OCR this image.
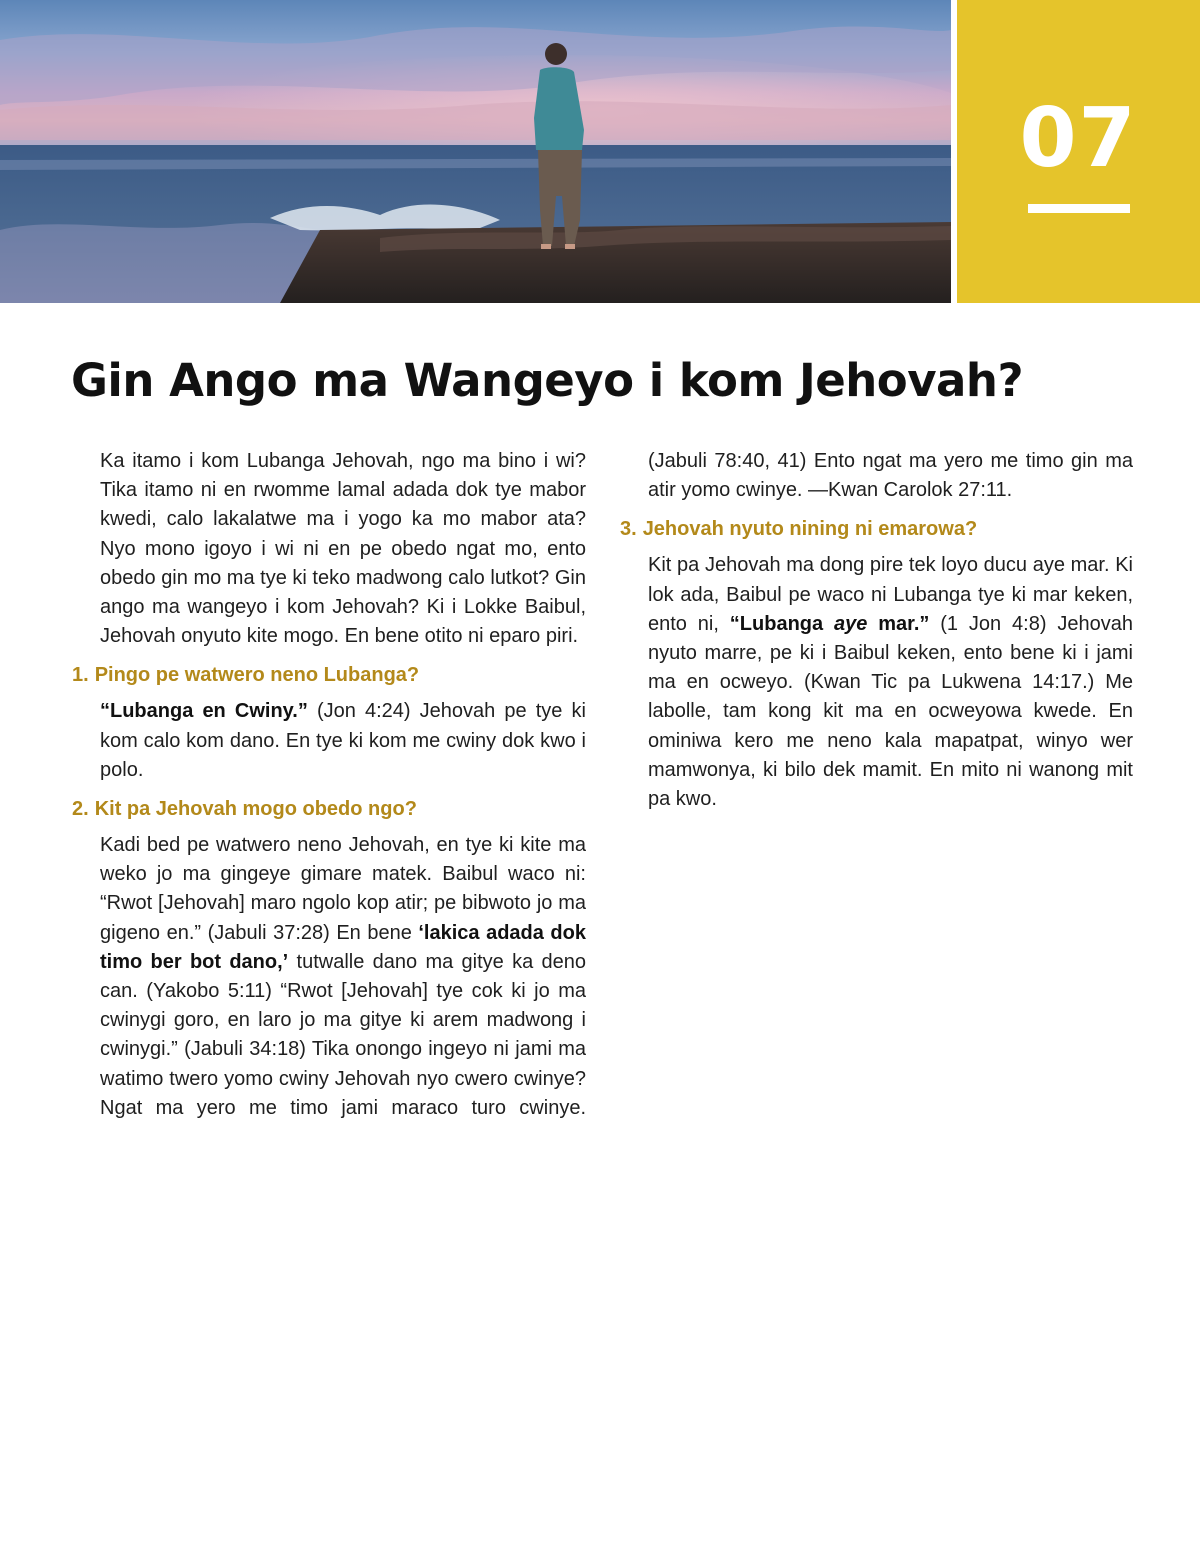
07
Gin Ango ma Wangeyo i kom Jehovah?

Ka itamo i kom Lubanga Jehovah, ngo ma bino i wi? Tika itamo ni en rwomme lamal adada dok tye mabor kwedi, calo lakalatwe ma i yogo ka mo mabor ata? Nyo mono igoyo i wi ni en pe obedo ngat mo, ento obedo gin mo ma tye ki teko madwong calo lutkot? Gin ango ma wangeyo i kom Jehovah? Ki i Lokke Baibul, Jehovah onyuto kite mogo. En bene otito ni eparo piri.

1. Pingo pe watwero neno Lubanga?

“Lubanga en Cwiny.” (Jon 4:24) Jehovah pe tye ki kom calo kom dano. En tye ki kom me cwiny dok kwo i polo.

2. Kit pa Jehovah mogo obedo ngo?

Kadi bed pe watwero neno Jehovah, en tye ki kite ma weko jo ma gingeye gimare matek. Baibul waco ni: “Rwot [Jehovah] maro ngolo kop atir; pe bibwoto jo ma gigeno en.” (Jabuli 37:28) En bene ‘lakica adada dok timo ber bot dano,’ tutwalle dano ma gitye ka deno can. (Yakobo 5:11) “Rwot [Jehovah] tye cok ki jo ma cwinygi goro, en laro jo ma gitye ki arem madwong i cwinygi.” (Jabuli 34:18) Tika onongo ingeyo ni jami ma watimo twero yomo cwiny Jehovah nyo cwero cwinye? Ngat ma yero me timo jami maraco turo cwinye.

(Jabuli 78:40, 41) Ento ngat ma yero me timo gin ma atir yomo cwinye. —Kwan Carolok 27:11.

3. Jehovah nyuto nining ni emarowa?

Kit pa Jehovah ma dong pire tek loyo ducu aye mar. Ki lok ada, Baibul pe waco ni Lubanga tye ki mar keken, ento ni, “Lubanga aye mar.” (1 Jon 4:8) Jehovah nyuto marre, pe ki i Baibul keken, ento bene ki i jami ma en ocweyo. (Kwan Tic pa Lukwena 14:17.) Me labolle, tam kong kit ma en ocweyowa kwede. En ominiwa kero me neno kala mapatpat, winyo wer mamwonya, ki bilo dek mamit. En mito ni wanong mit pa kwo.
